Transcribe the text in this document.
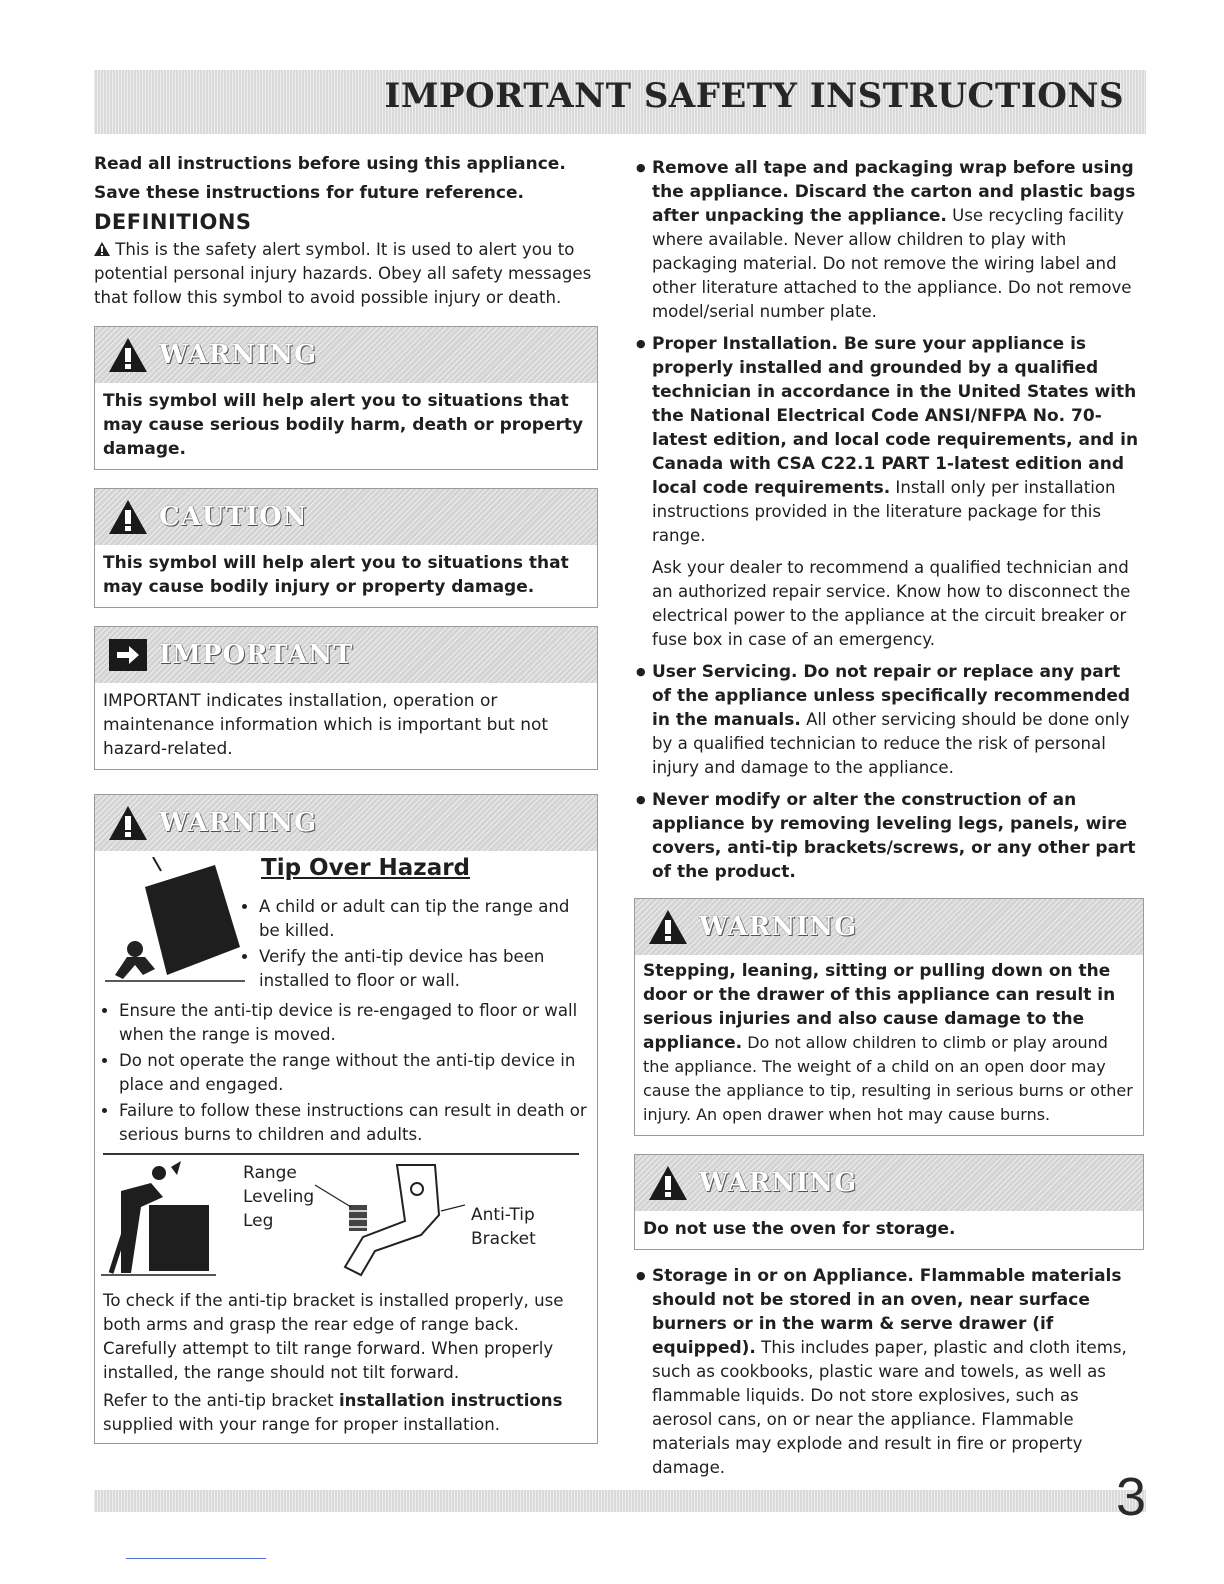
IMPORTANT SAFETY INSTRUCTIONS
Read all instructions before using this appliance.
Save these instructions for future reference.
DEFINITIONS
This is the safety alert symbol. It is used to alert you to potential personal injury hazards. Obey all safety messages that follow this symbol to avoid possible injury or death.
WARNING
This symbol will help alert you to situations that may cause serious bodily harm, death or property damage.
CAUTION
This symbol will help alert you to situations that may cause bodily injury or property damage.
IMPORTANT
IMPORTANT indicates installation, operation or maintenance information which is important but not hazard-related.
WARNING
Tip Over Hazard
• A child or adult can tip the range and be killed.
• Verify the anti-tip device has been installed to floor or wall.
• Ensure the anti-tip device is re-engaged to floor or wall when the range is moved.
• Do not operate the range without the anti-tip device in place and engaged.
• Failure to follow these instructions can result in death or serious burns to children and adults.
Range
Leveling
Leg	Anti-Tip
Bracket
To check if the anti-tip bracket is installed properly, use both arms and grasp the rear edge of range back. Carefully attempt to tilt range forward. When properly installed, the range should not tilt forward.
Refer to the anti-tip bracket installation instructions supplied with your range for proper installation.
● Remove all tape and packaging wrap before using the appliance. Discard the carton and plastic bags after unpacking the appliance. Use recycling facility where available. Never allow children to play with packaging material. Do not remove the wiring label and other literature attached to the appliance. Do not remove model/serial number plate.
● Proper Installation. Be sure your appliance is properly installed and grounded by a qualified technician in accordance in the United States with the National Electrical Code ANSI/NFPA No. 70-latest edition, and local code requirements, and in Canada with CSA C22.1 PART 1-latest edition and local code requirements. Install only per installation instructions provided in the literature package for this range.
Ask your dealer to recommend a qualified technician and an authorized repair service. Know how to disconnect the electrical power to the appliance at the circuit breaker or fuse box in case of an emergency.
● User Servicing. Do not repair or replace any part of the appliance unless specifically recommended in the manuals. All other servicing should be done only by a qualified technician to reduce the risk of personal injury and damage to the appliance.
● Never modify or alter the construction of an appliance by removing leveling legs, panels, wire covers, anti-tip brackets/screws, or any other part of the product.
WARNING
Stepping, leaning, sitting or pulling down on the door or the drawer of this appliance can result in serious injuries and also cause damage to the appliance. Do not allow children to climb or play around the appliance. The weight of a child on an open door may cause the appliance to tip, resulting in serious burns or other injury. An open drawer when hot may cause burns.
WARNING
Do not use the oven for storage.
● Storage in or on Appliance. Flammable materials should not be stored in an oven, near surface burners or in the warm & serve drawer (if equipped). This includes paper, plastic and cloth items, such as cookbooks, plastic ware and towels, as well as flammable liquids. Do not store explosives, such as aerosol cans, on or near the appliance. Flammable materials may explode and result in fire or property damage.	3
